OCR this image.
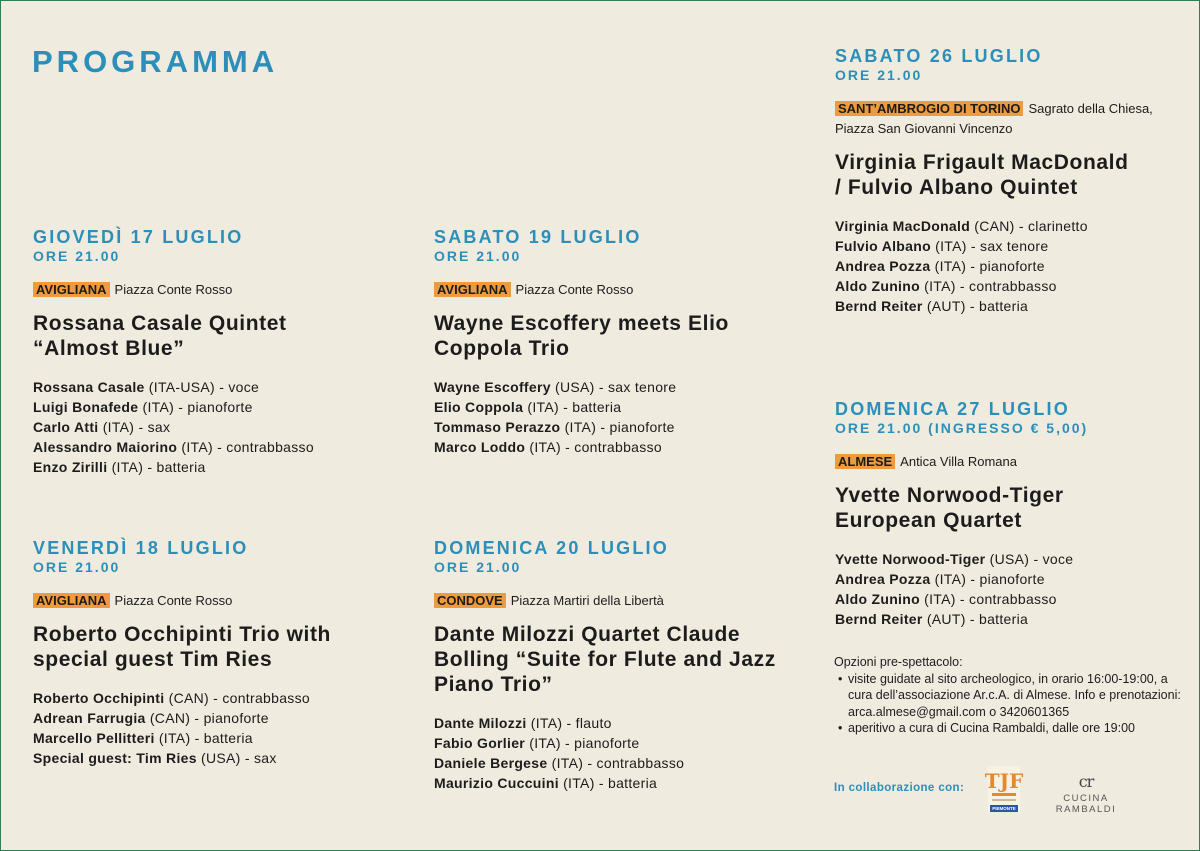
PROGRAMMA
GIOVEDÌ 17 LUGLIO
ORE 21.00
AVIGLIANA Piazza Conte Rosso
Rossana Casale Quintet “Almost Blue”
Rossana Casale (ITA-USA) - voce
Luigi Bonafede (ITA) - pianoforte
Carlo Atti (ITA) - sax
Alessandro Maiorino (ITA) - contrabbasso
Enzo Zirilli (ITA) - batteria
VENERDÌ 18 LUGLIO
ORE 21.00
AVIGLIANA Piazza Conte Rosso
Roberto Occhipinti Trio with special guest Tim Ries
Roberto Occhipinti (CAN) - contrabbasso
Adrean Farrugia (CAN) - pianoforte
Marcello Pellitteri (ITA) - batteria
Special guest: Tim Ries (USA) - sax
SABATO 19 LUGLIO
ORE 21.00
AVIGLIANA Piazza Conte Rosso
Wayne Escoffery meets Elio Coppola Trio
Wayne Escoffery (USA) - sax tenore
Elio Coppola (ITA) - batteria
Tommaso Perazzo (ITA) - pianoforte
Marco Loddo (ITA) - contrabbasso
DOMENICA 20 LUGLIO
ORE 21.00
CONDOVE Piazza Martiri della Libertà
Dante Milozzi Quartet Claude Bolling “Suite for Flute and Jazz Piano Trio”
Dante Milozzi (ITA) - flauto
Fabio Gorlier (ITA) - pianoforte
Daniele Bergese (ITA) - contrabbasso
Maurizio Cuccuini (ITA) - batteria
SABATO 26 LUGLIO
ORE 21.00
SANT’AMBROGIO DI TORINO Sagrato della Chiesa, Piazza San Giovanni Vincenzo
Virginia Frigault MacDonald / Fulvio Albano Quintet
Virginia MacDonald (CAN) - clarinetto
Fulvio Albano (ITA) - sax tenore
Andrea Pozza (ITA) - pianoforte
Aldo Zunino (ITA) - contrabbasso
Bernd Reiter (AUT) - batteria
DOMENICA 27 LUGLIO
ORE 21.00 (INGRESSO € 5,00)
ALMESE Antica Villa Romana
Yvette Norwood-Tiger European Quartet
Yvette Norwood-Tiger (USA) - voce
Andrea Pozza (ITA) - pianoforte
Aldo Zunino (ITA) - contrabbasso
Bernd Reiter (AUT) - batteria
Opzioni pre-spettacolo:
• visite guidate al sito archeologico, in orario 16:00-19:00, a cura dell’associazione Ar.c.A. di Almese. Info e prenotazioni: arca.almese@gmail.com o 3420601365
• aperitivo a cura di Cucina Rambaldi, dalle ore 19:00
In collaborazione con: TJF
PIEMONTE
cr
CUCINA RAMBALDI
